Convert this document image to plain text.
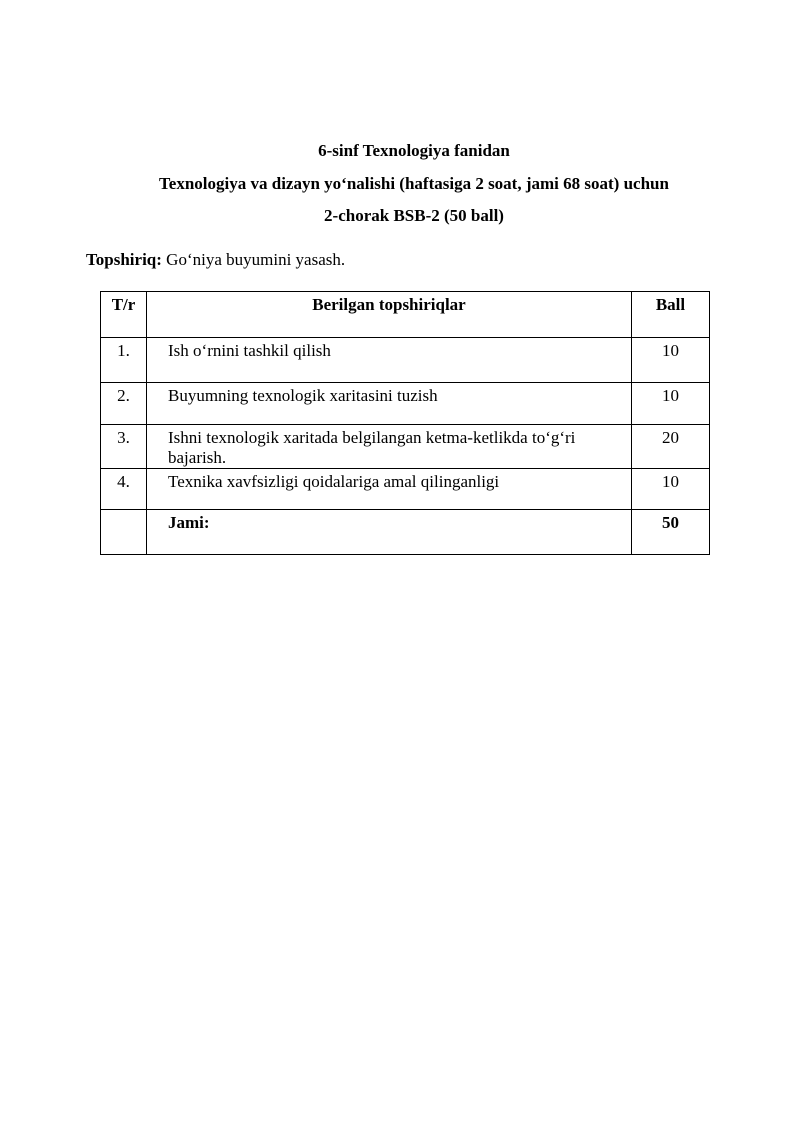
6-sinf Texnologiya fanidan

Texnologiya va dizayn yo‘nalishi (haftasiga 2 soat, jami 68 soat) uchun

2-chorak BSB-2 (50 ball)

Topshiriq: Go‘niya buyumini yasash.
T/r	Berilgan topshiriqlar	Ball
1.	Ish o‘rnini tashkil qilish	10
2.	Buyumning texnologik xaritasini tuzish	10
3.	Ishni texnologik xaritada belgilangan ketma-ketlikda to‘g‘ri bajarish.	20
4.	Texnika xavfsizligi qoidalariga amal qilinganligi	10
	Jami:	50
